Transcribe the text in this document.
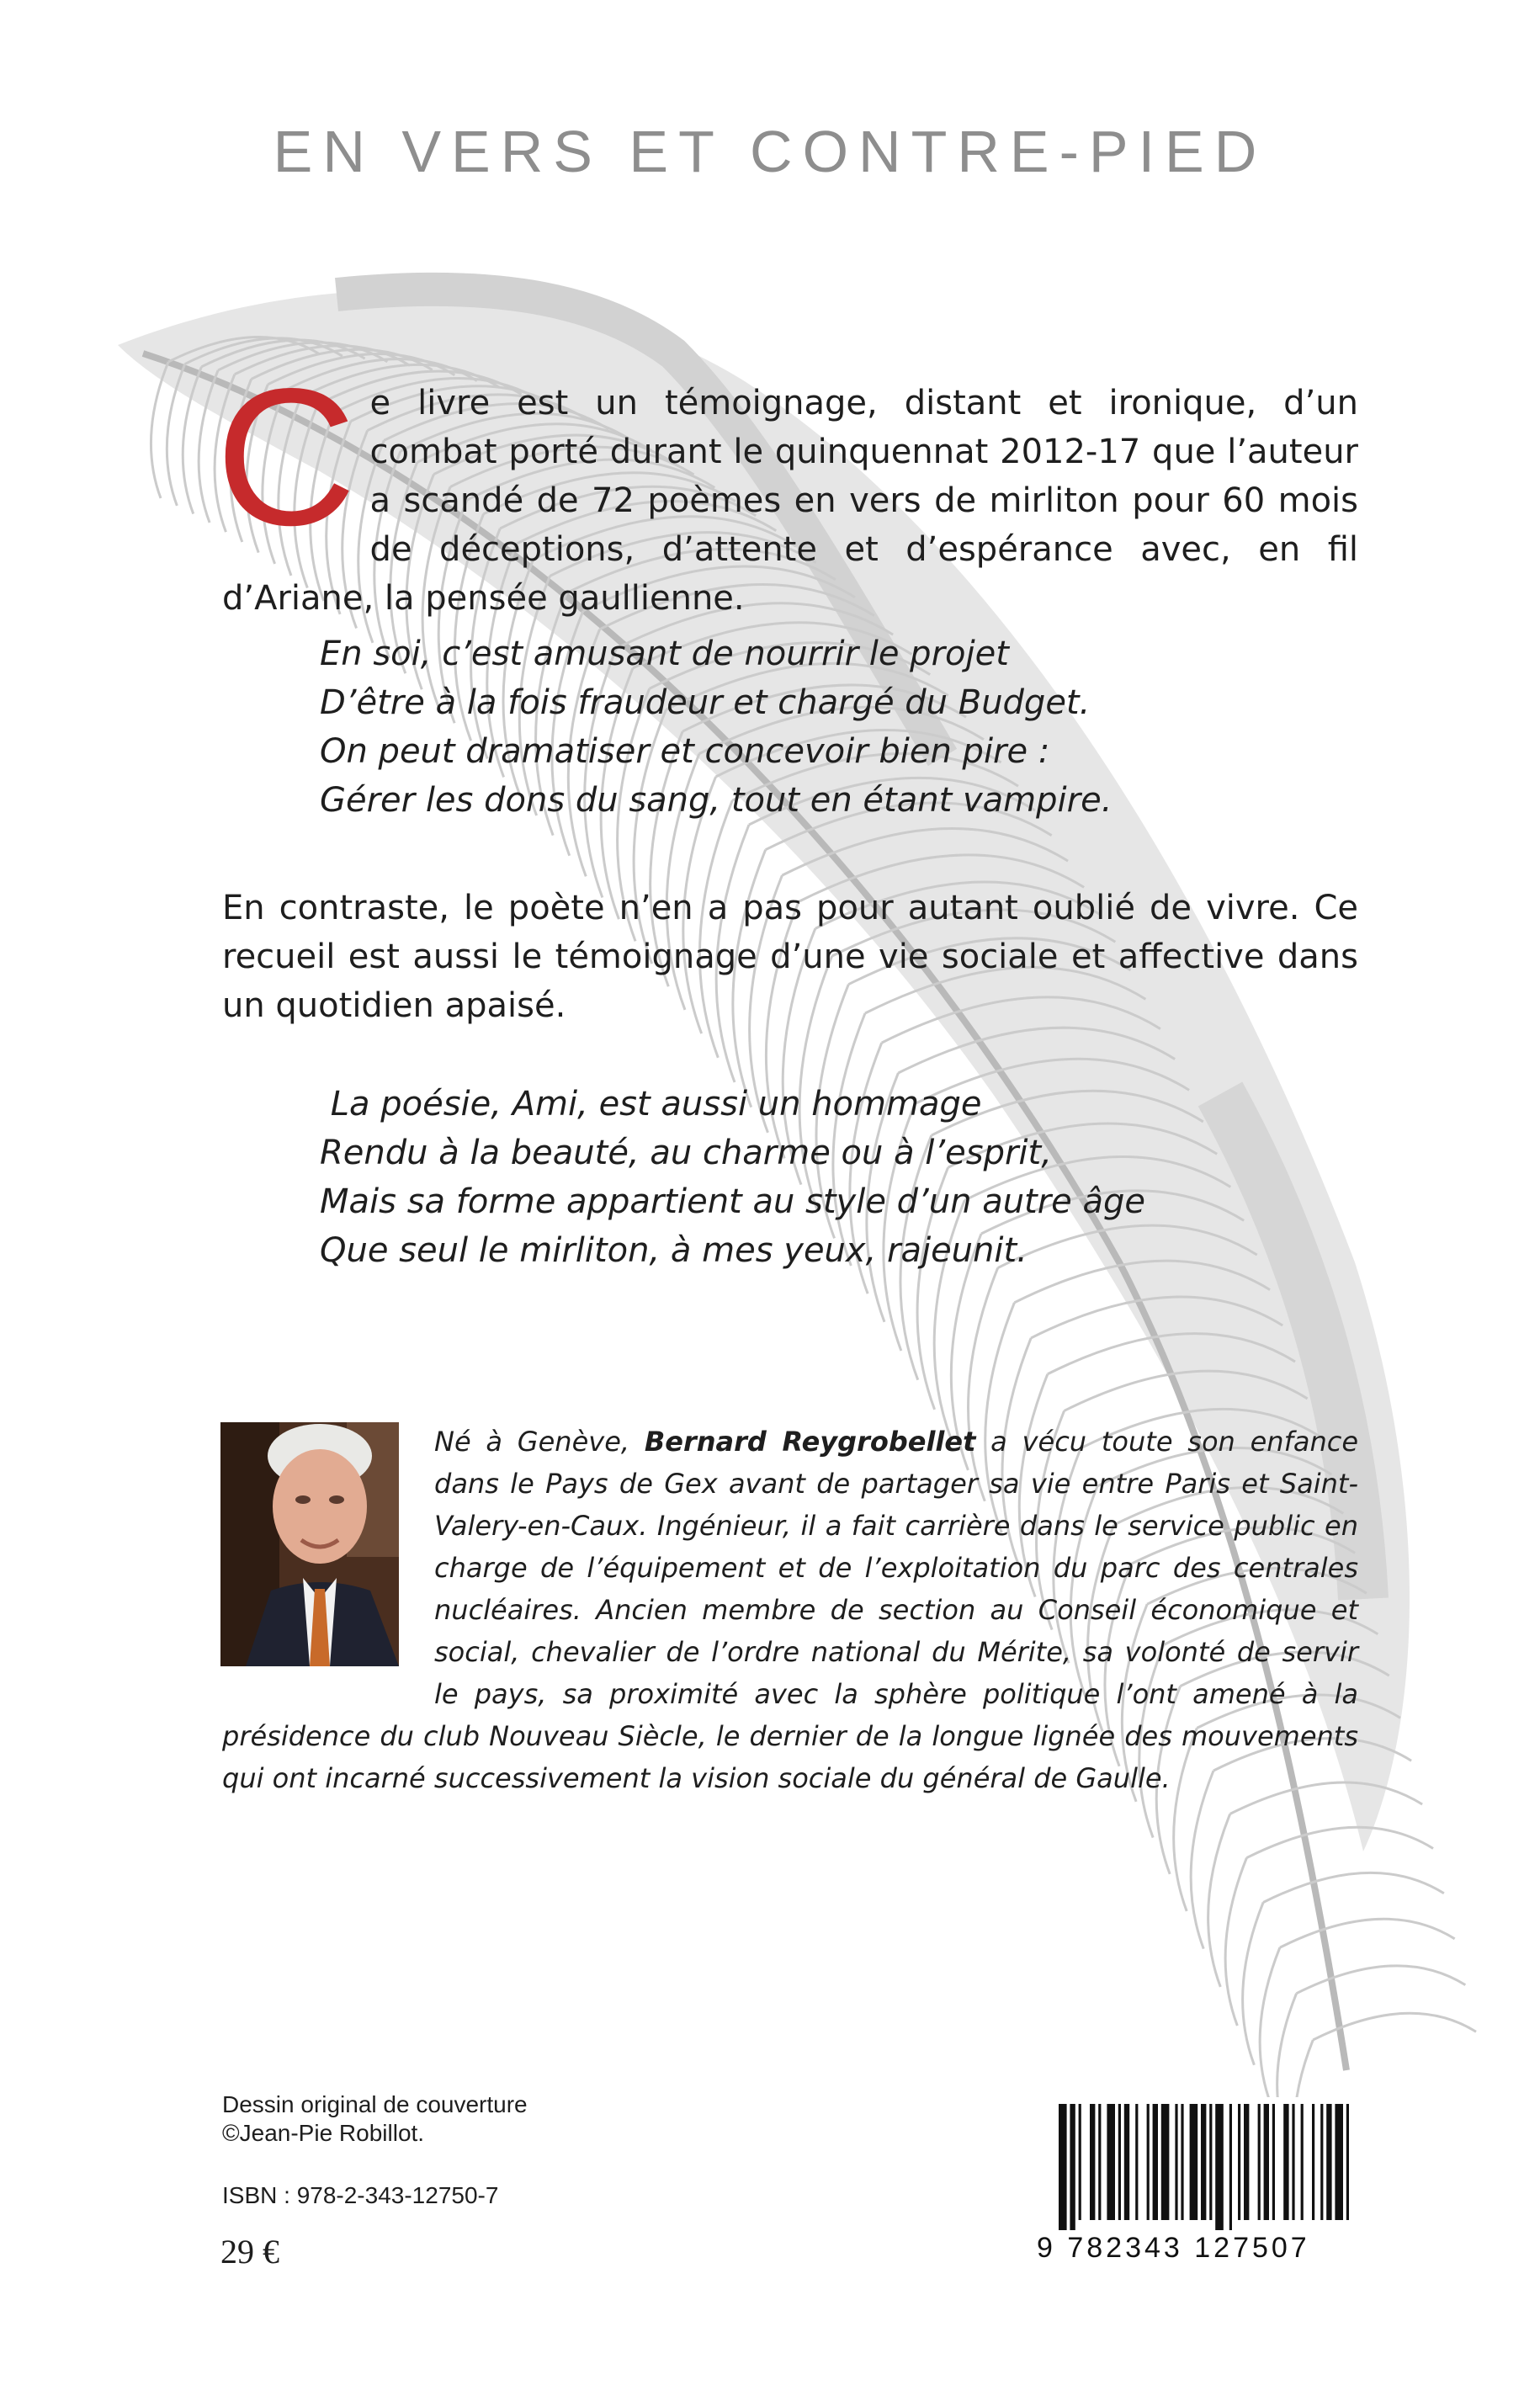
EN VERS ET CONTRE-PIED
C e livre est un témoignage, distant et ironique, d’un combat porté durant le quinquennat 2012-17 que l’auteur a scandé de 72 poèmes en vers de mirliton pour 60 mois de déceptions, d’attente et d’espérance avec, en fil d’Ariane, la pensée gaullienne.
En soi, c’est amusant de nourrir le projet
D’être à la fois fraudeur et chargé du Budget.
On peut dramatiser et concevoir bien pire :
Gérer les dons du sang, tout en étant vampire.
En contraste, le poète n’en a pas pour autant oublié de vivre. Ce recueil est aussi le témoignage d’une vie sociale et affective dans un quotidien apaisé.
La poésie, Ami, est aussi un hommage
Rendu à la beauté, au charme ou à l’esprit,
Mais sa forme appartient au style d’un autre âge
Que seul le mirliton, à mes yeux, rajeunit.
Né à Genève, Bernard Reygrobellet a vécu toute son enfance dans le Pays de Gex avant de partager sa vie entre Paris et Saint-Valery-en-Caux. Ingénieur, il a fait carrière dans le service public en charge de l’équipement et de l’exploitation du parc des centrales nucléaires. Ancien membre de section au Conseil économique et social, chevalier de l’ordre national du Mérite, sa volonté de servir le pays, sa proximité avec la sphère politique l’ont amené à la présidence du club Nouveau Siècle, le dernier de la longue lignée des mouvements qui ont incarné successivement la vision sociale du général de Gaulle.
Dessin original de couverture
©Jean-Pie Robillot.
ISBN : 978-2-343-12750-7
29 €	9 782343 127507
